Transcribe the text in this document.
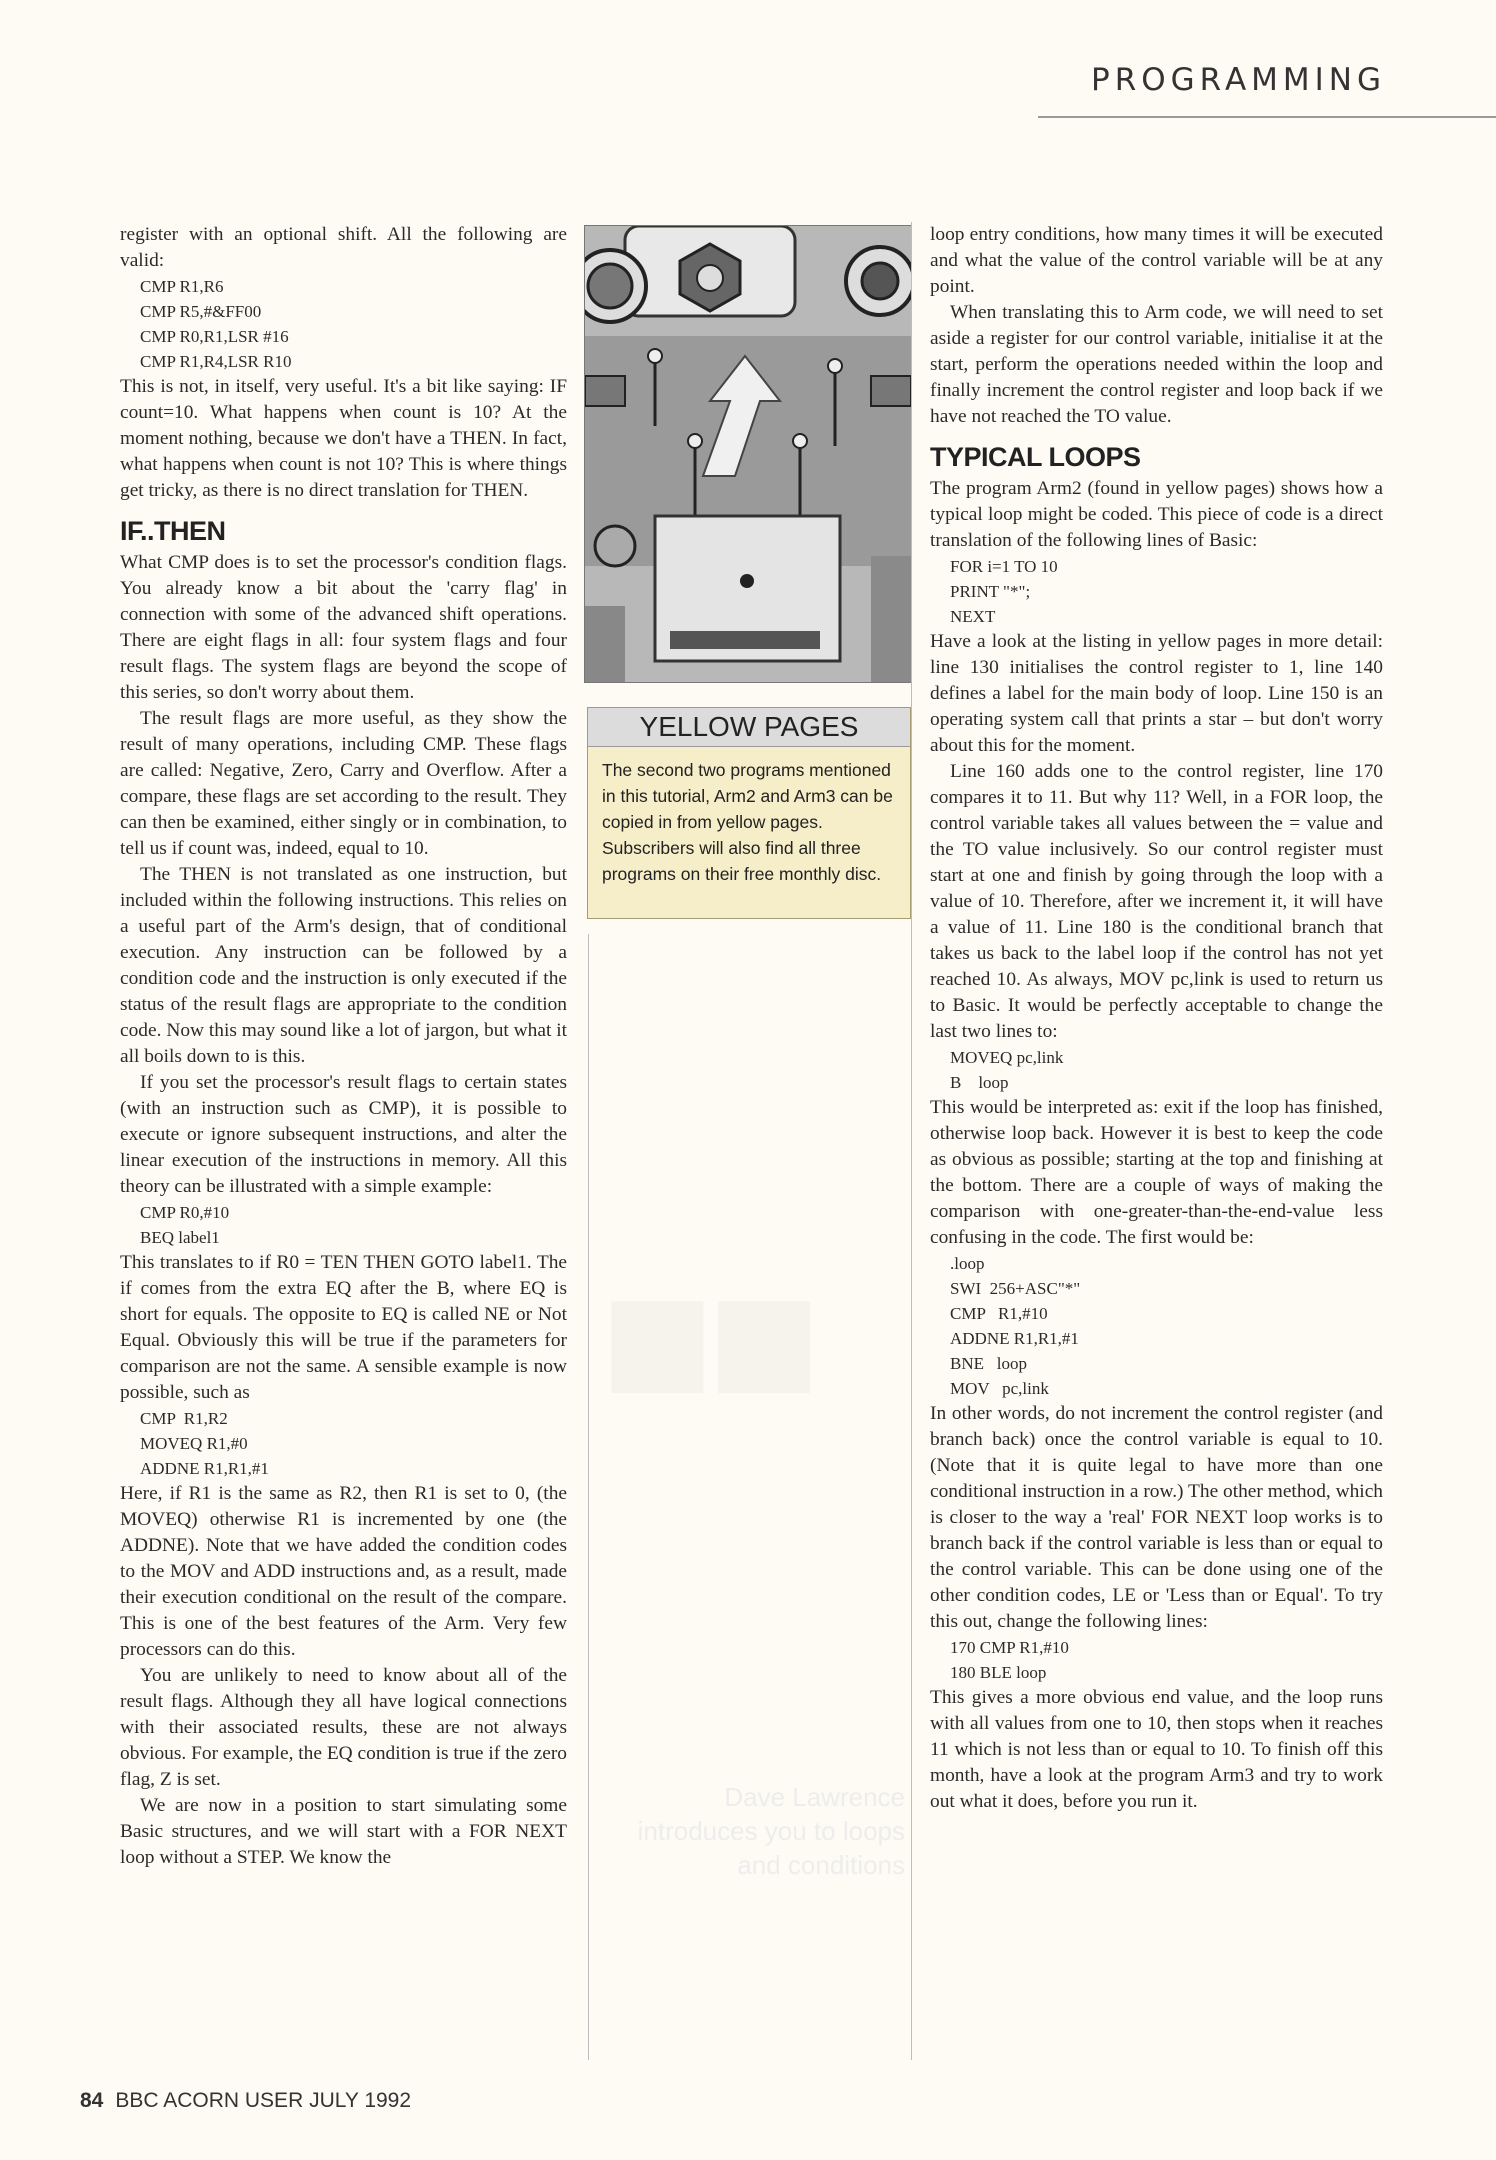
PROGRAMMING
■■

register with an optional shift. All the following are valid:

CMP R1,R6
CMP R5,#&FF00
CMP R0,R1,LSR #16
CMP R1,R4,LSR R10

This is not, in itself, very useful. It's a bit like saying: IF count=10. What happens when count is 10? At the moment nothing, because we don't have a THEN. In fact, what happens when count is not 10? This is where things get tricky, as there is no direct translation for THEN.

IF..THEN

What CMP does is to set the processor's condition flags. You already know a bit about the 'carry flag' in connection with some of the advanced shift operations. There are eight flags in all: four system flags and four result flags. The system flags are beyond the scope of this series, so don't worry about them.

The result flags are more useful, as they show the result of many operations, including CMP. These flags are called: Negative, Zero, Carry and Overflow. After a compare, these flags are set according to the result. They can then be examined, either singly or in combination, to tell us if count was, indeed, equal to 10.

The THEN is not translated as one instruction, but included within the following instructions. This relies on a useful part of the Arm's design, that of conditional execution. Any instruction can be followed by a condition code and the instruction is only executed if the status of the result flags are appropriate to the condition code. Now this may sound like a lot of jargon, but what it all boils down to is this.

If you set the processor's result flags to certain states (with an instruction such as CMP), it is possible to execute or ignore subsequent instructions, and alter the linear execution of the instructions in memory. All this theory can be illustrated with a simple example:

CMP R0,#10
BEQ label1

This translates to if R0 = TEN THEN GOTO label1. The if comes from the extra EQ after the B, where EQ is short for equals. The opposite to EQ is called NE or Not Equal. Obviously this will be true if the parameters for comparison are not the same. A sensible example is now possible, such as

CMP  R1,R2
MOVEQ R1,#0
ADDNE R1,R1,#1

Here, if R1 is the same as R2, then R1 is set to 0, (the MOVEQ) otherwise R1 is incremented by one (the ADDNE). Note that we have added the condition codes to the MOV and ADD instructions and, as a result, made their execution conditional on the result of the compare. This is one of the best features of the Arm. Very few processors can do this.

You are unlikely to need to know about all of the result flags. Although they all have logical connections with their associated results, these are not always obvious. For example, the EQ condition is true if the zero flag, Z is set.

We are now in a position to start simulating some Basic structures, and we will start with a FOR NEXT loop without a STEP. We know the

YELLOW PAGES
The second two programs mentioned in this tutorial, Arm2 and Arm3 can be copied in from yellow pages. Subscribers will also find all three programs on their free monthly disc.
Dave Lawrence introduces you to loops and conditions

loop entry conditions, how many times it will be executed and what the value of the control variable will be at any point.

When translating this to Arm code, we will need to set aside a register for our control variable, initialise it at the start, perform the operations needed within the loop and finally increment the control register and loop back if we have not reached the TO value.

TYPICAL LOOPS

The program Arm2 (found in yellow pages) shows how a typical loop might be coded. This piece of code is a direct translation of the following lines of Basic:

FOR i=1 TO 10
PRINT "*";
NEXT

Have a look at the listing in yellow pages in more detail: line 130 initialises the control register to 1, line 140 defines a label for the main body of loop. Line 150 is an operating system call that prints a star – but don't worry about this for the moment.

Line 160 adds one to the control register, line 170 compares it to 11. But why 11? Well, in a FOR loop, the control variable takes all values between the = value and the TO value inclusively. So our control register must start at one and finish by going through the loop with a value of 10. Therefore, after we increment it, it will have a value of 11. Line 180 is the conditional branch that takes us back to the label loop if the control has not yet reached 10. As always, MOV pc,link is used to return us to Basic. It would be perfectly acceptable to change the last two lines to:

MOVEQ pc,link
B    loop

This would be interpreted as: exit if the loop has finished, otherwise loop back. However it is best to keep the code as obvious as possible; starting at the top and finishing at the bottom. There are a couple of ways of making the comparison with one-greater-than-the-end-value less confusing in the code. The first would be:

.loop
SWI  256+ASC"*"
CMP   R1,#10
ADDNE R1,R1,#1
BNE   loop
MOV   pc,link

In other words, do not increment the control register (and branch back) once the control variable is equal to 10. (Note that it is quite legal to have more than one conditional instruction in a row.) The other method, which is closer to the way a 'real' FOR NEXT loop works is to branch back if the control variable is less than or equal to the control variable. This can be done using one of the other condition codes, LE or 'Less than or Equal'. To try this out, change the following lines:

170 CMP R1,#10
180 BLE loop

This gives a more obvious end value, and the loop runs with all values from one to 10, then stops when it reaches 11 which is not less than or equal to 10. To finish off this month, have a look at the program Arm3 and try to work out what it does, before you run it.

84 BBC ACORN USER JULY 1992
